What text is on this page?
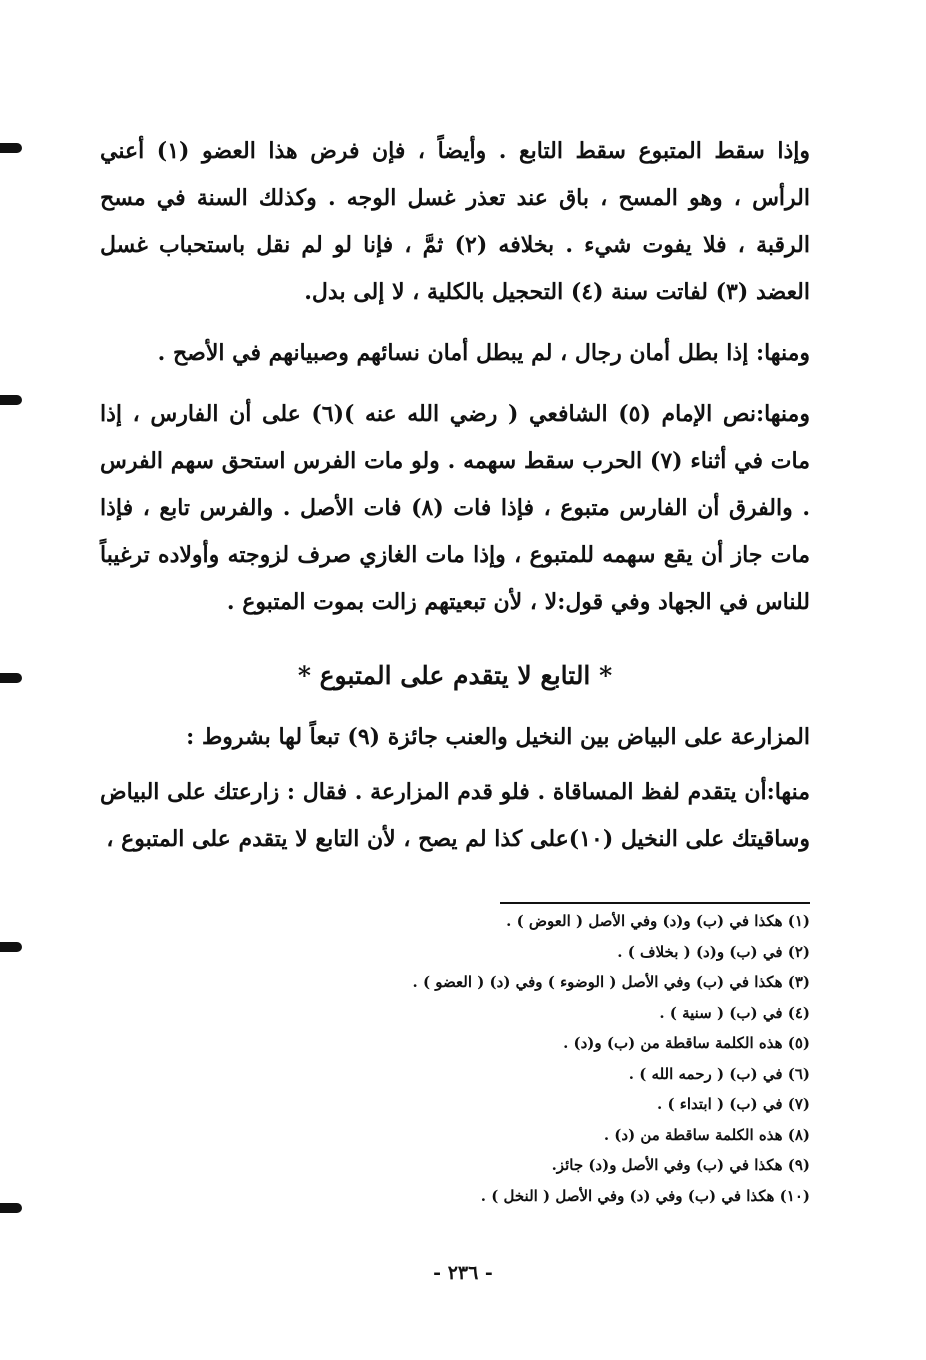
وإذا سقط المتبوع سقط التابع . وأيضاً ، فإن فرض هذا العضو (١) أعني الرأس ، وهو المسح ، باق عند تعذر غسل الوجه . وكذلك السنة في مسح الرقبة ، فلا يفوت شيء . بخلافه (٢) ثمَّ ، فإنا لو لم نقل باستحباب غسل العضد (٣) لفاتت سنة (٤) التحجيل بالكلية ، لا إلى بدل.

ومنها: إذا بطل أمان رجال ، لم يبطل أمان نسائهم وصبيانهم في الأصح .

ومنها:نص الإمام (٥) الشافعي ( رضي الله عنه )(٦) على أن الفارس ، إذا مات في أثناء (٧) الحرب سقط سهمه . ولو مات الفرس استحق سهم الفرس . والفرق أن الفارس متبوع ، فإذا فات (٨) فات الأصل . والفرس تابع ، فإذا مات جاز أن يقع سهمه للمتبوع ، وإذا مات الغازي صرف لزوجته وأولاده ترغيباً للناس في الجهاد وفي قول:لا ، لأن تبعيتهم زالت بموت المتبوع .

* التابع لا يتقدم على المتبوع *

المزارعة على البياض بين النخيل والعنب جائزة (٩) تبعاً لها بشروط :

منها:أن يتقدم لفظ المساقاة . فلو قدم المزارعة . فقال : زارعتك على البياض وساقيتك على النخيل (١٠)على كذا لم يصح ، لأن التابع لا يتقدم على المتبوع ،

(١) هكذا في (ب) و(د) وفي الأصل ( العوض ) .
(٢) في (ب) و(د) ( بخلاف ) .
(٣) هكذا في (ب) وفي الأصل ( الوضوء ) وفي (د) ( العضو ) .
(٤) في (ب) ( سنية ) .
(٥) هذه الكلمة ساقطة من (ب) و(د) .
(٦) في (ب) ( رحمه الله ) .
(٧) في (ب) ( ابتداء ) .
(٨) هذه الكلمة ساقطة من (د) .
(٩) هكذا في (ب) وفي الأصل و(د) جائز.
(١٠) هكذا في (ب) وفي (د) وفي الأصل ( النخل ) .
- ٢٣٦ -
